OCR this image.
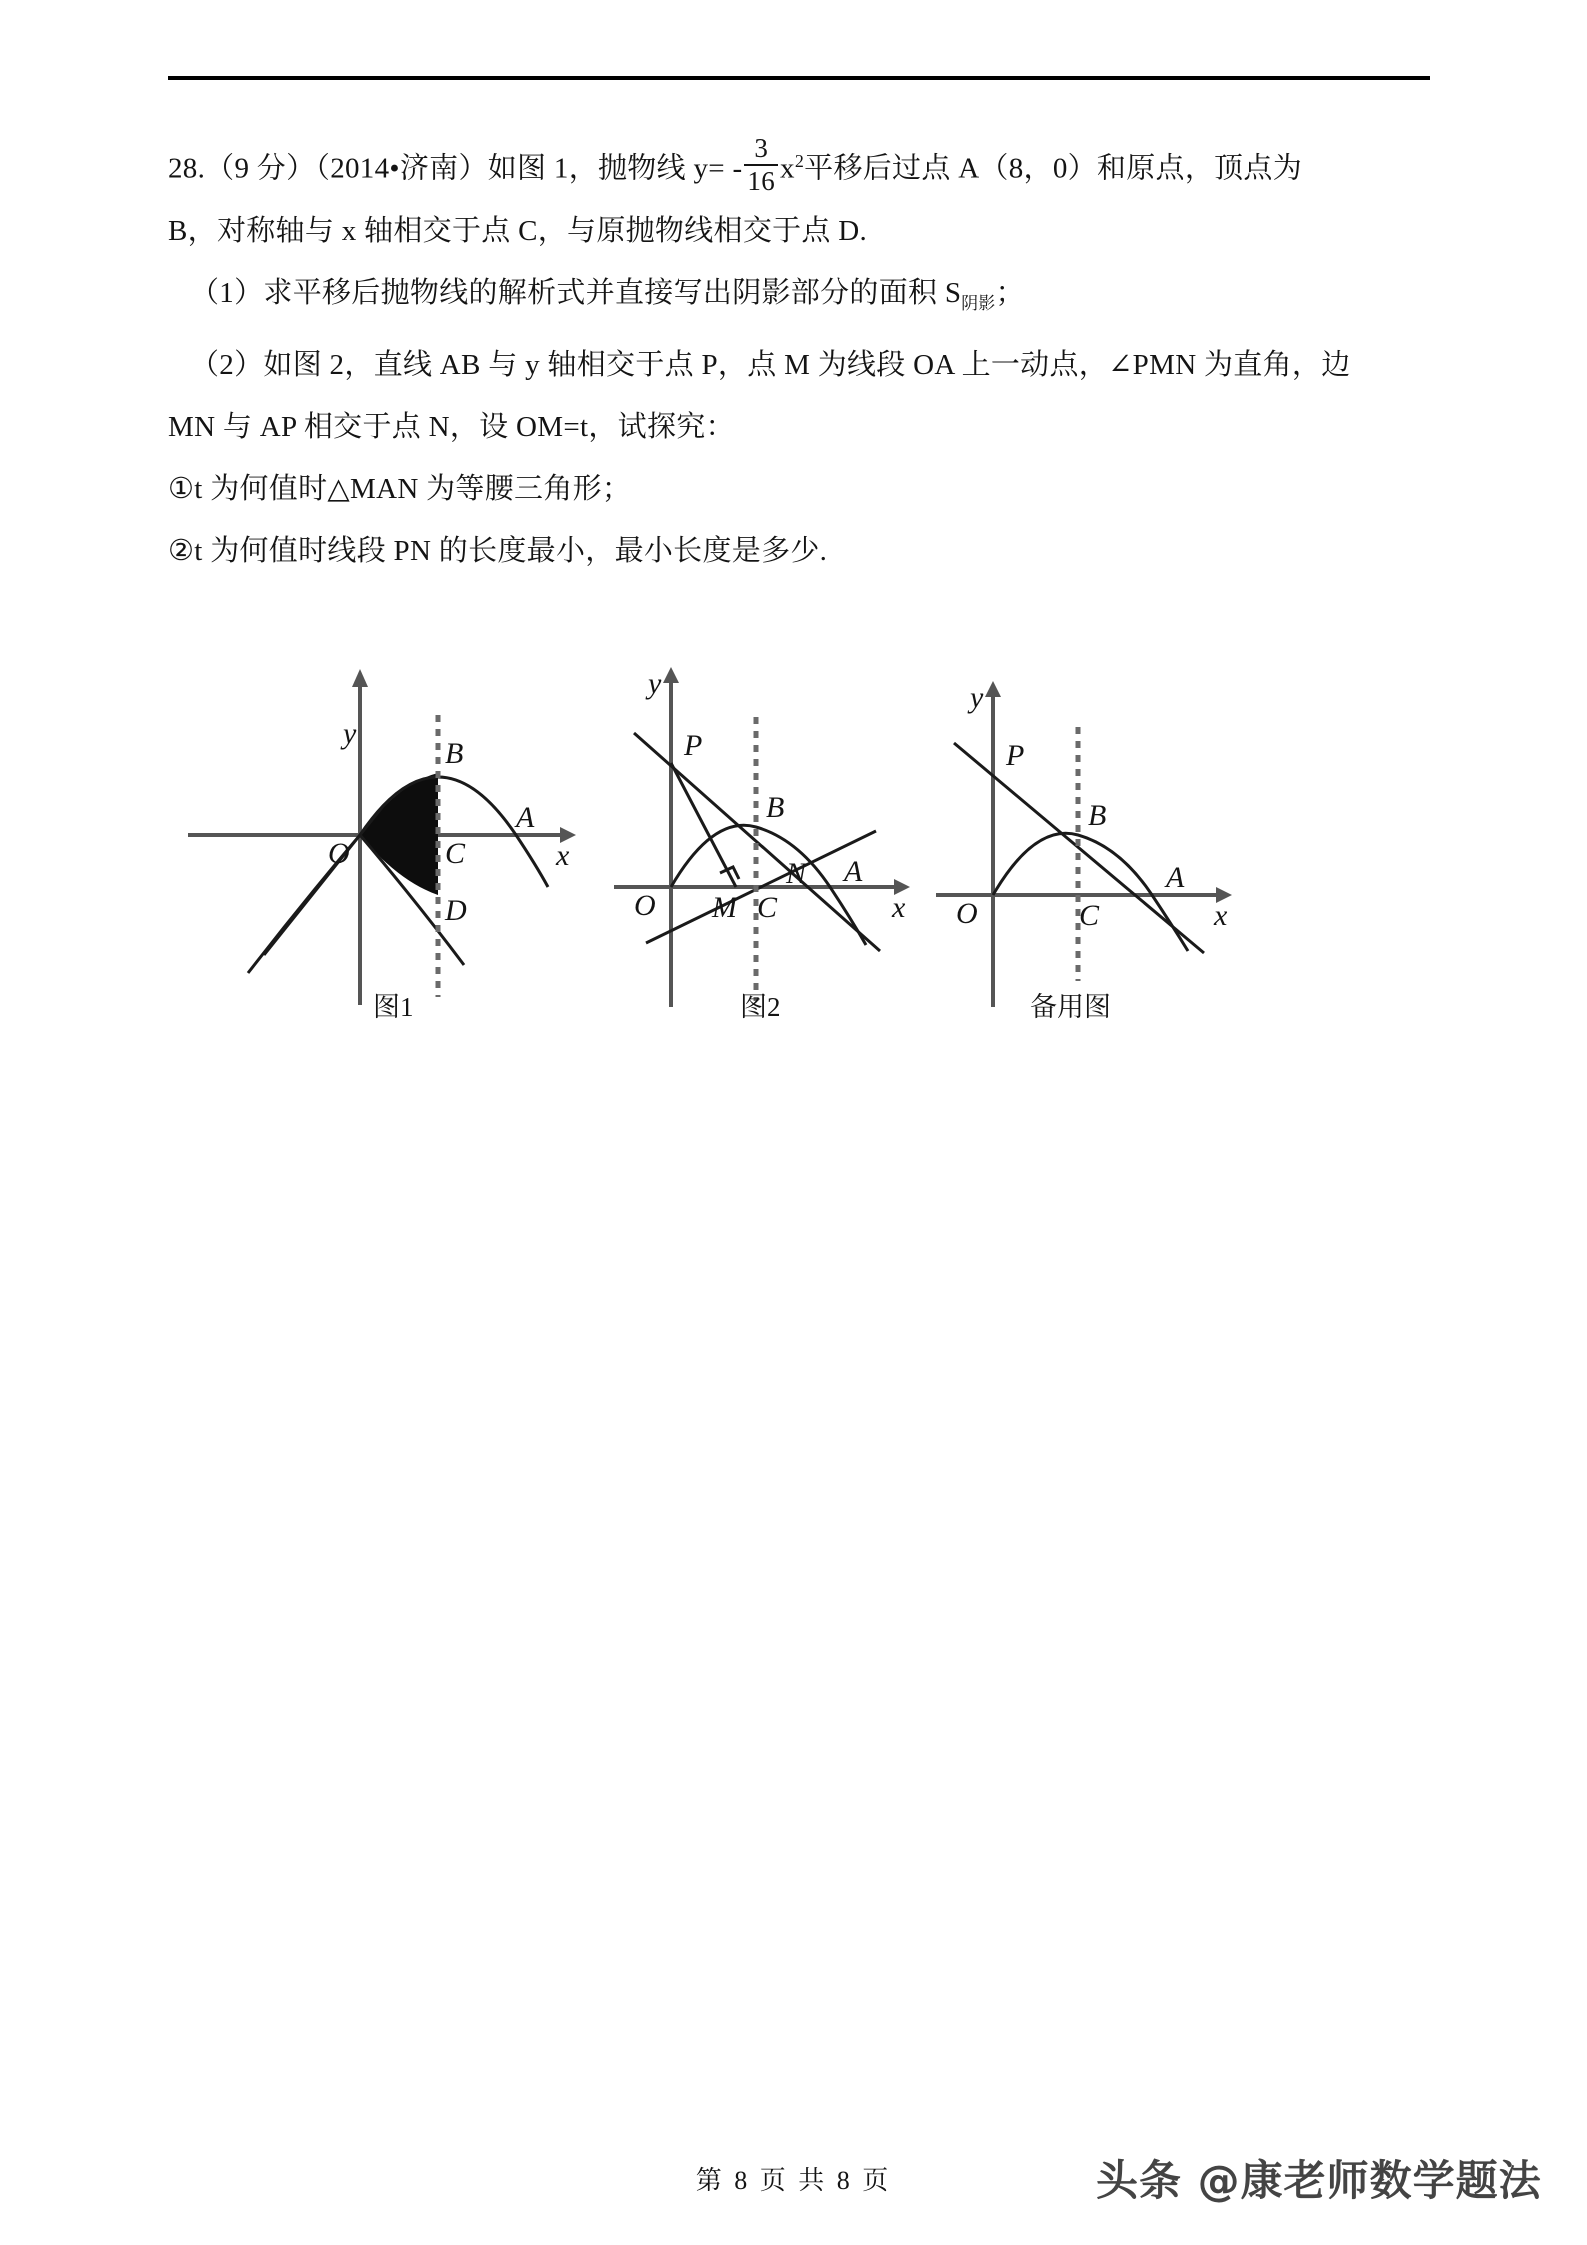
28.（9 分）（2014•济南）如图 1，抛物线 $y= - \frac{3}{16} x^2$平移后过点 A（8，0）和原点，顶点为
B，对称轴与 x 轴相交于点 C，与原抛物线相交于点 D.
（1）求平移后抛物线的解析式并直接写出阴影部分的面积 $S_{阴影}$；
（2）如图 2，直线 AB 与 y 轴相交于点 P，点 M 为线段 OA 上一动点，∠PMN 为直角，边
MN 与 AP 相交于点 N，设 OM=t，试探究：
①t 为何值时△MAN 为等腰三角形；
②t 为何值时线段 PN 的长度最小，最小长度是多少.
y
x
O
B
C
D
A
图1
y
x
O
P
B
M C
N A
图2
y
x
O
P
B
C
A
备用图
第 8 页 共 8 页	头条 @康老师数学题法
